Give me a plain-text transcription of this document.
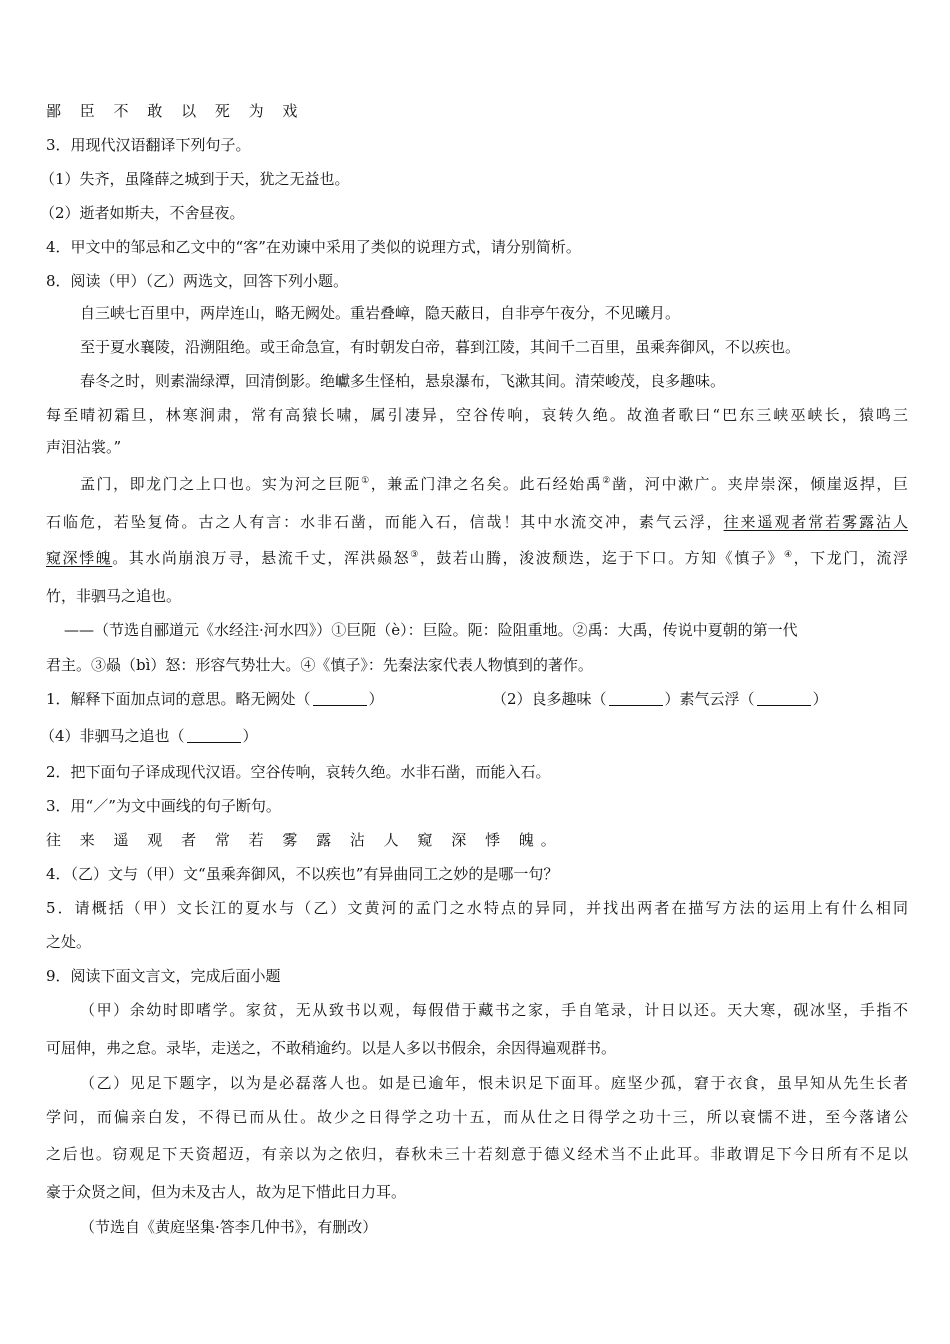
鄙 臣 不 敢 以 死 为 戏
3．用现代汉语翻译下列句子。
（1）失齐，虽隆薛之城到于天，犹之无益也。
（2）逝者如斯夫，不舍昼夜。
4．甲文中的邹忌和乙文中的“客”在劝谏中采用了类似的说理方式，请分别简析。
8．阅读（甲）（乙）两选文，回答下列小题。
自三峡七百里中，两岸连山，略无阙处。重岩叠嶂，隐天蔽日，自非亭午夜分，不见曦月。
至于夏水襄陵，沿溯阻绝。或王命急宣，有时朝发白帝，暮到江陵，其间千二百里，虽乘奔御风，不以疾也。
春冬之时，则素湍绿潭，回清倒影。绝巘多生怪柏，悬泉瀑布，飞漱其间。清荣峻茂，良多趣味。
每至晴初霜旦，林寒涧肃，常有高猿长啸，属引凄异，空谷传响，哀转久绝。故渔者歌曰“巴东三峡巫峡长，猿鸣三
声泪沾裳。”
孟门，即龙门之上口也。实为河之巨阨①，兼孟门津之名矣。此石经始禹②凿，河中漱广。夹岸崇深，倾崖返捍，巨
石临危，若坠复倚。古之人有言：水非石凿，而能入石，信哉！其中水流交冲，素气云浮，往来遥观者常若雾露沾人
窥深悸魄。其水尚崩浪万寻，悬流千丈，浑洪赑怒③，鼓若山腾，浚波颓迭，迄于下口。方知《慎子》④，下龙门，流浮
竹，非驷马之追也。
——（节选自郦道元《水经注·河水四》）①巨阨（è）：巨险。阨：险阻重地。②禹：大禹，传说中夏朝的第一代
君主。③赑（bì）怒：形容气势壮大。④《慎子》：先秦法家代表人物慎到的著作。
1．解释下面加点词的意思。略无阙处（	）	（2）良多趣味（	）素气云浮（	）
（4）非驷马之追也（	）
2．把下面句子译成现代汉语。空谷传响，哀转久绝。水非石凿，而能入石。
3．用“／”为文中画线的句子断句。
往 来 遥 观 者 常 若 雾 露 沾 人 窥 深 悸 魄。
4．（乙）文与（甲）文“虽乘奔御风，不以疾也”有异曲同工之妙的是哪一句？
5．请概括（甲）文长江的夏水与（乙）文黄河的孟门之水特点的异同，并找出两者在描写方法的运用上有什么相同
之处。
9．阅读下面文言文，完成后面小题
（甲）余幼时即嗜学。家贫，无从致书以观，每假借于藏书之家，手自笔录，计日以还。天大寒，砚冰坚，手指不
可屈伸，弗之怠。录毕，走送之，不敢稍逾约。以是人多以书假余，余因得遍观群书。
（乙）见足下题字，以为是必磊落人也。如是已逾年，恨未识足下面耳。庭坚少孤，窘于衣食，虽早知从先生长者
学问，而偏亲白发，不得已而从仕。故少之日得学之功十五，而从仕之日得学之功十三，所以衰懦不进，至今落诸公
之后也。窃观足下天资超迈，有亲以为之依归，春秋未三十若刻意于德义经术当不止此耳。非敢谓足下今日所有不足以
豪于众贤之间，但为未及古人，故为足下惜此日力耳。
（节选自《黄庭坚集·答李几仲书》，有删改）
